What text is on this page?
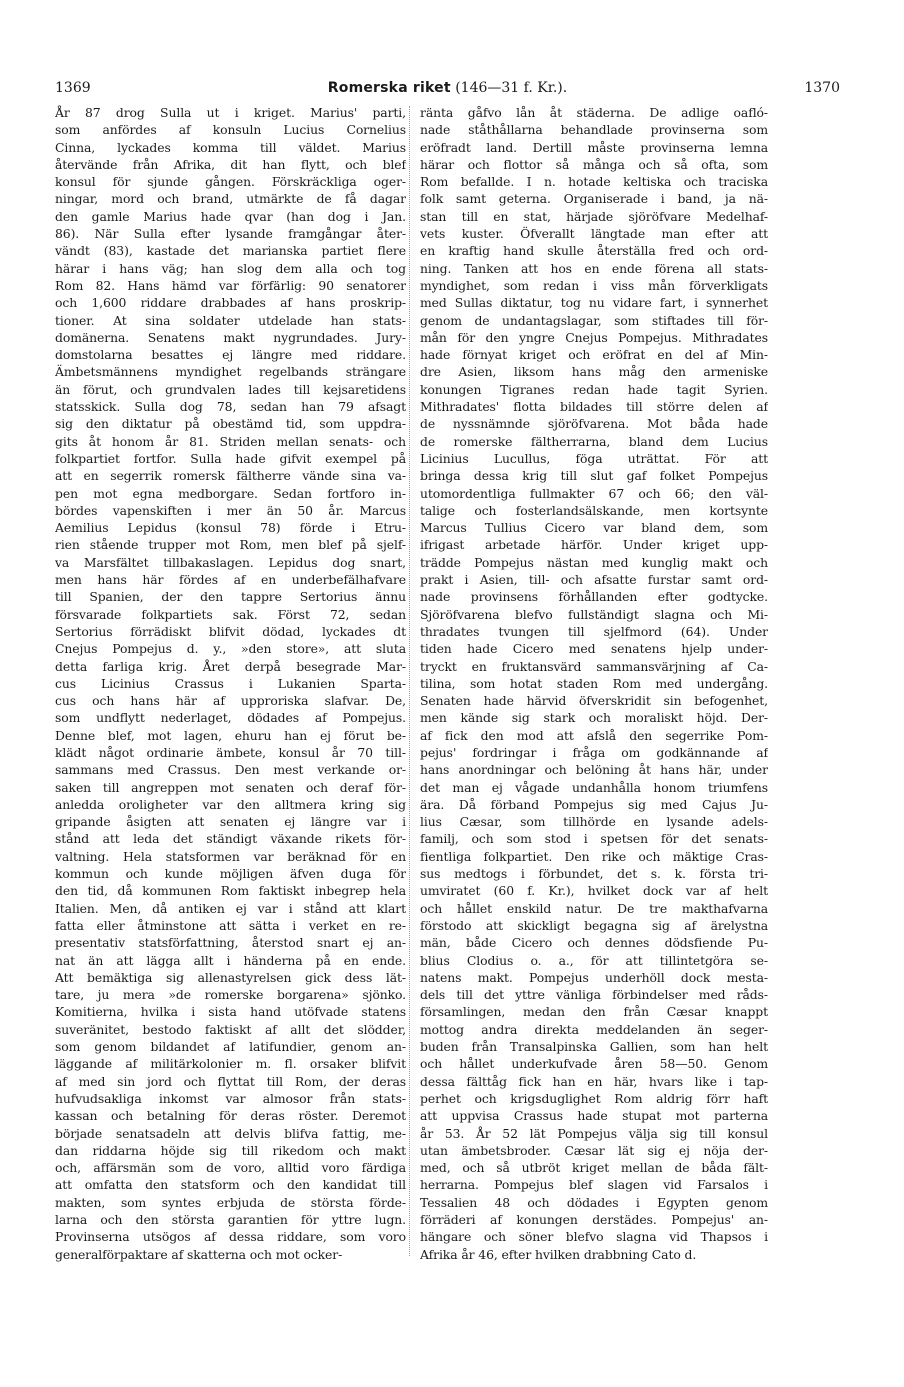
1369	Romerska riket (146—31 f. Kr.).	1370
År 87 drog Sulla ut i kriget. Marius' parti,
som anfördes af konsuln Lucius Cornelius
Cinna, lyckades komma till väldet. Marius
återvände från Afrika, dit han flytt, och blef
konsul för sjunde gången. Förskräckliga oger-
ningar, mord och brand, utmärkte de få dagar
den gamle Marius hade qvar (han dog i Jan.
86). När Sulla efter lysande framgångar åter-
vändt (83), kastade det marianska partiet flere
härar i hans väg; han slog dem alla och tog
Rom 82. Hans hämd var förfärlig: 90 senatorer
och 1,600 riddare drabbades af hans proskrip-
tioner. At sina soldater utdelade han stats-
domänerna. Senatens makt nygrundades. Jury-
domstolarna besattes ej längre med riddare.
Ämbetsmännens myndighet regelbands strängare
än förut, och grundvalen lades till kejsaretidens
statsskick. Sulla dog 78, sedan han 79 afsagt
sig den diktatur på obestämd tid, som uppdra-
gits åt honom år 81. Striden mellan senats- och
folkpartiet fortfor. Sulla hade gifvit exempel på
att en segerrik romersk fältherre vände sina va-
pen mot egna medborgare. Sedan fortforo in-
bördes vapenskiften i mer än 50 år. Marcus
Aemilius Lepidus (konsul 78) förde i Etru-
rien stående trupper mot Rom, men blef på sjelf-
va Marsfältet tillbakaslagen. Lepidus dog snart,
men hans här fördes af en underbefälhafvare
till Spanien, der den tappre Sertorius ännu
försvarade folkpartiets sak. Först 72, sedan
Sertorius förrädiskt blifvit dödad, lyckades dt
Cnejus Pompejus d. y., »den store», att sluta
detta farliga krig. Året derpå besegrade Mar-
cus Licinius Crassus i Lukanien Sparta-
cus och hans här af upproriska slafvar. De,
som undflytt nederlaget, dödades af Pompejus.
Denne blef, mot lagen, ehuru han ej förut be-
klädt något ordinarie ämbete, konsul år 70 till-
sammans med Crassus. Den mest verkande or-
saken till angreppen mot senaten och deraf för-
anledda oroligheter var den alltmera kring sig
gripande åsigten att senaten ej längre var i
stånd att leda det ständigt växande rikets för-
valtning. Hela statsformen var beräknad för en
kommun och kunde möjligen äfven duga för
den tid, då kommunen Rom faktiskt inbegrep hela
Italien. Men, då antiken ej var i stånd att klart
fatta eller åtminstone att sätta i verket en re-
presentativ statsförfattning, återstod snart ej an-
nat än att lägga allt i händerna på en ende.
Att bemäktiga sig allenastyrelsen gick dess lät-
tare, ju mera »de romerske borgarena» sjönko.
Komitierna, hvilka i sista hand utöfvade statens
suveränitet, bestodo faktiskt af allt det slödder,
som genom bildandet af latifundier, genom an-
läggande af militärkolonier m. fl. orsaker blifvit
af med sin jord och flyttat till Rom, der deras
hufvudsakliga inkomst var almosor från stats-
kassan och betalning för deras röster. Deremot
började senatsadeln att delvis blifva fattig, me-
dan riddarna höjde sig till rikedom och makt
och, affärsmän som de voro, alltid voro färdiga
att omfatta den statsform och den kandidat till
makten, som syntes erbjuda de största förde-
larna och den största garantien för yttre lugn.
Provinserna utsögos af dessa riddare, som voro
generalförpaktare af skatterna och mot ocker-
ränta gåfvo lån åt städerna. De adlige oafló-
nade ståthållarna behandlade provinserna som
eröfradt land. Dertill måste provinserna lemna
härar och flottor så många och så ofta, som
Rom befallde. I n. hotade keltiska och traciska
folk samt geterna. Organiserade i band, ja nä-
stan till en stat, härjade sjöröfvare Medelhaf-
vets kuster. Öfverallt längtade man efter att
en kraftig hand skulle återställa fred och ord-
ning. Tanken att hos en ende förena all stats-
myndighet, som redan i viss mån förverkligats
med Sullas diktatur, tog nu vidare fart, i synnerhet
genom de undantagslagar, som stiftades till för-
mån för den yngre Cnejus Pompejus. Mithradates
hade förnyat kriget och eröfrat en del af Min-
dre Asien, liksom hans måg den armeniske
konungen Tigranes redan hade tagit Syrien.
Mithradates' flotta bildades till större delen af
de nyssnämnde sjöröfvarena. Mot båda hade
de romerske fältherrarna, bland dem Lucius
Licinius Lucullus, föga uträttat. För att
bringa dessa krig till slut gaf folket Pompejus
utomordentliga fullmakter 67 och 66; den väl-
talige och fosterlandsälskande, men kortsynte
Marcus Tullius Cicero var bland dem, som
ifrigast arbetade härför. Under kriget upp-
trädde Pompejus nästan med kunglig makt och
prakt i Asien, till- och afsatte furstar samt ord-
nade provinsens förhållanden efter godtycke.
Sjöröfvarena blefvo fullständigt slagna och Mi-
thradates tvungen till sjelfmord (64). Under
tiden hade Cicero med senatens hjelp under-
tryckt en fruktansvärd sammansvärjning af Ca-
tilina, som hotat staden Rom med undergång.
Senaten hade härvid öfverskridit sin befogenhet,
men kände sig stark och moraliskt höjd. Der-
af fick den mod att afslå den segerrike Pom-
pejus' fordringar i fråga om godkännande af
hans anordningar och belöning åt hans här, under
det man ej vågade undanhålla honom triumfens
ära. Då förband Pompejus sig med Cajus Ju-
lius Cæsar, som tillhörde en lysande adels-
familj, och som stod i spetsen för det senats-
fientliga folkpartiet. Den rike och mäktige Cras-
sus medtogs i förbundet, det s. k. första tri-
umviratet (60 f. Kr.), hvilket dock var af helt
och hållet enskild natur. De tre makthafvarna
förstodo att skickligt begagna sig af ärelystna
män, både Cicero och dennes dödsfiende Pu-
blius Clodius o. a., för att tillintetgöra se-
natens makt. Pompejus underhöll dock mesta-
dels till det yttre vänliga förbindelser med råds-
församlingen, medan den från Cæsar knappt
mottog andra direkta meddelanden än seger-
buden från Transalpinska Gallien, som han helt
och hållet underkufvade åren 58—50. Genom
dessa fälttåg fick han en här, hvars like i tap-
perhet och krigsduglighet Rom aldrig förr haft
att uppvisa Crassus hade stupat mot parterna
år 53. År 52 lät Pompejus välja sig till konsul
utan ämbetsbroder. Cæsar lät sig ej nöja der-
med, och så utbröt kriget mellan de båda fält-
herrarna. Pompejus blef slagen vid Farsalos i
Tessalien 48 och dödades i Egypten genom
förräderi af konungen derstädes. Pompejus' an-
hängare och söner blefvo slagna vid Thapsos i
Afrika år 46, efter hvilken drabbning Cato d.
